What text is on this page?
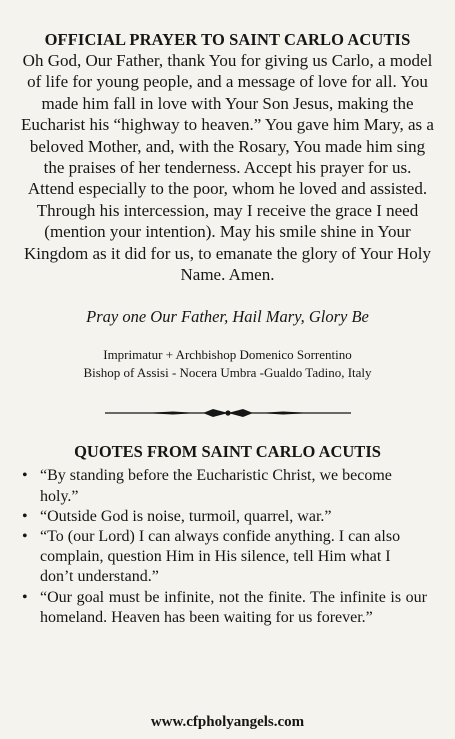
OFFICIAL PRAYER TO SAINT CARLO ACUTIS

Oh God, Our Father, thank You for giving us Carlo, a model of life for young people, and a message of love for all. You made him fall in love with Your Son Jesus, making the Eucharist his “highway to heaven.” You gave him Mary, as a beloved Mother, and, with the Rosary, You made him sing the praises of her tenderness. Accept his prayer for us. Attend especially to the poor, whom he loved and assisted. Through his intercession, may I receive the grace I need (mention your intention). May his smile shine in Your Kingdom as it did for us, to emanate the glory of Your Holy Name. Amen.

Pray one Our Father, Hail Mary, Glory Be

Imprimatur + Archbishop Domenico Sorrentino
Bishop of Assisi - Nocera Umbra -Gualdo Tadino, Italy
QUOTES FROM SAINT CARLO ACUTIS
• “By standing before the Eucharistic Christ, we become holy.”
• “Outside God is noise, turmoil, quarrel, war.”
• “To (our Lord) I can always confide anything. I can also complain, question Him in His silence, tell Him what I don’t understand.”
• “Our goal must be infinite, not the finite. The infinite is our homeland. Heaven has been waiting for us forever.”
www.cfpholyangels.com
